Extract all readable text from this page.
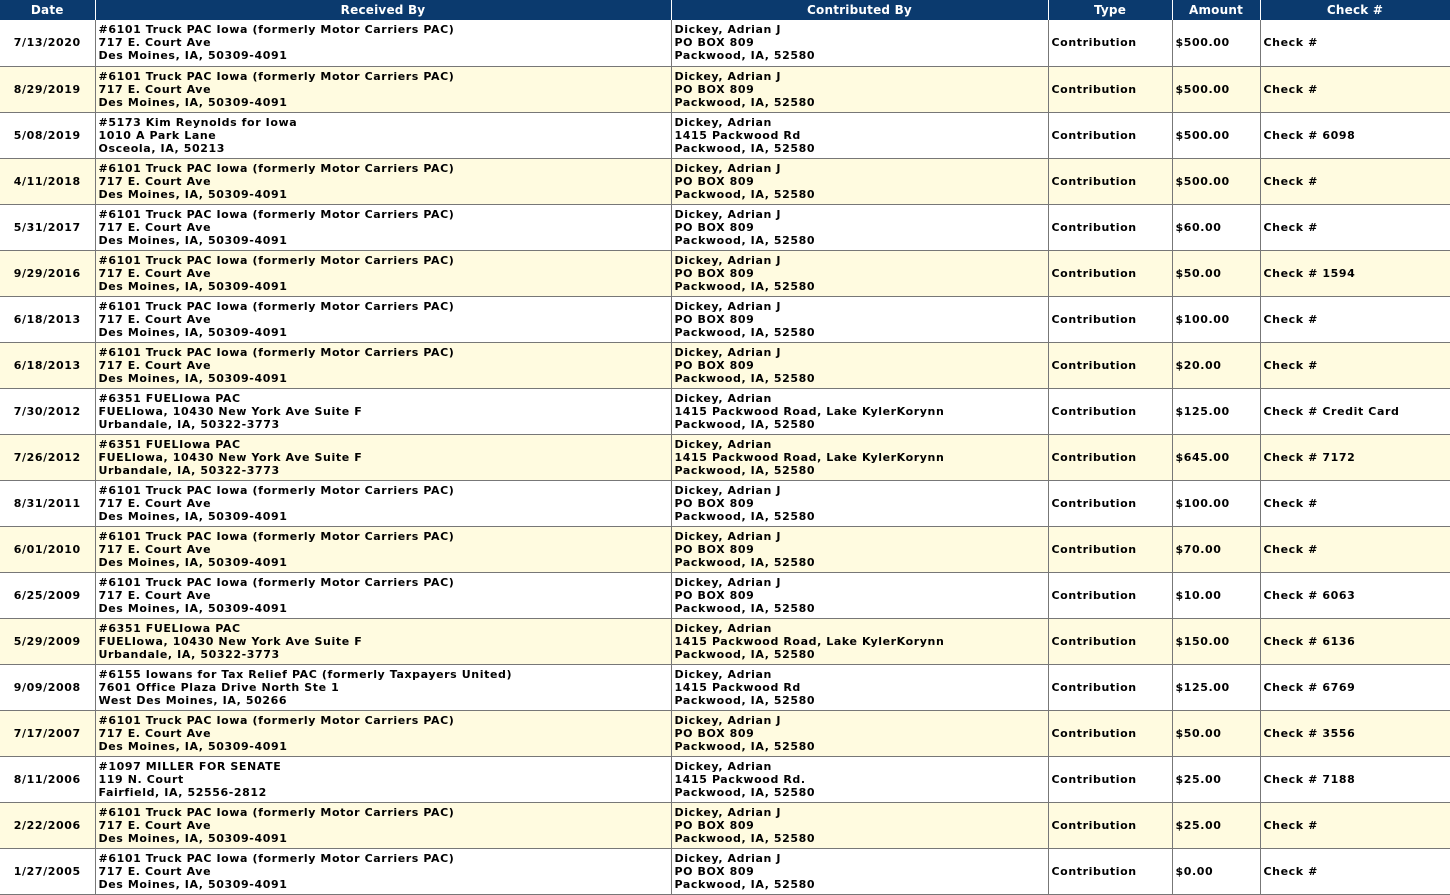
Date	Received By	Contributed By	Type	Amount	Check #
7/13/2020	#6101 Truck PAC Iowa (formerly Motor Carriers PAC)
717 E. Court Ave
Des Moines, IA, 50309-4091	Dickey, Adrian J
PO BOX 809
Packwood, IA, 52580	Contribution	$500.00	Check #
8/29/2019	#6101 Truck PAC Iowa (formerly Motor Carriers PAC)
717 E. Court Ave
Des Moines, IA, 50309-4091	Dickey, Adrian J
PO BOX 809
Packwood, IA, 52580	Contribution	$500.00	Check #
5/08/2019	#5173 Kim Reynolds for Iowa
1010 A Park Lane
Osceola, IA, 50213	Dickey, Adrian
1415 Packwood Rd
Packwood, IA, 52580	Contribution	$500.00	Check # 6098
4/11/2018	#6101 Truck PAC Iowa (formerly Motor Carriers PAC)
717 E. Court Ave
Des Moines, IA, 50309-4091	Dickey, Adrian J
PO BOX 809
Packwood, IA, 52580	Contribution	$500.00	Check #
5/31/2017	#6101 Truck PAC Iowa (formerly Motor Carriers PAC)
717 E. Court Ave
Des Moines, IA, 50309-4091	Dickey, Adrian J
PO BOX 809
Packwood, IA, 52580	Contribution	$60.00	Check #
9/29/2016	#6101 Truck PAC Iowa (formerly Motor Carriers PAC)
717 E. Court Ave
Des Moines, IA, 50309-4091	Dickey, Adrian J
PO BOX 809
Packwood, IA, 52580	Contribution	$50.00	Check # 1594
6/18/2013	#6101 Truck PAC Iowa (formerly Motor Carriers PAC)
717 E. Court Ave
Des Moines, IA, 50309-4091	Dickey, Adrian J
PO BOX 809
Packwood, IA, 52580	Contribution	$100.00	Check #
6/18/2013	#6101 Truck PAC Iowa (formerly Motor Carriers PAC)
717 E. Court Ave
Des Moines, IA, 50309-4091	Dickey, Adrian J
PO BOX 809
Packwood, IA, 52580	Contribution	$20.00	Check #
7/30/2012	#6351 FUELIowa PAC
FUELIowa, 10430 New York Ave Suite F
Urbandale, IA, 50322-3773	Dickey, Adrian
1415 Packwood Road, Lake KylerKorynn
Packwood, IA, 52580	Contribution	$125.00	Check # Credit Card
7/26/2012	#6351 FUELIowa PAC
FUELIowa, 10430 New York Ave Suite F
Urbandale, IA, 50322-3773	Dickey, Adrian
1415 Packwood Road, Lake KylerKorynn
Packwood, IA, 52580	Contribution	$645.00	Check # 7172
8/31/2011	#6101 Truck PAC Iowa (formerly Motor Carriers PAC)
717 E. Court Ave
Des Moines, IA, 50309-4091	Dickey, Adrian J
PO BOX 809
Packwood, IA, 52580	Contribution	$100.00	Check #
6/01/2010	#6101 Truck PAC Iowa (formerly Motor Carriers PAC)
717 E. Court Ave
Des Moines, IA, 50309-4091	Dickey, Adrian J
PO BOX 809
Packwood, IA, 52580	Contribution	$70.00	Check #
6/25/2009	#6101 Truck PAC Iowa (formerly Motor Carriers PAC)
717 E. Court Ave
Des Moines, IA, 50309-4091	Dickey, Adrian J
PO BOX 809
Packwood, IA, 52580	Contribution	$10.00	Check # 6063
5/29/2009	#6351 FUELIowa PAC
FUELIowa, 10430 New York Ave Suite F
Urbandale, IA, 50322-3773	Dickey, Adrian
1415 Packwood Road, Lake KylerKorynn
Packwood, IA, 52580	Contribution	$150.00	Check # 6136
9/09/2008	#6155 Iowans for Tax Relief PAC (formerly Taxpayers United)
7601 Office Plaza Drive North Ste 1
West Des Moines, IA, 50266	Dickey, Adrian
1415 Packwood Rd
Packwood, IA, 52580	Contribution	$125.00	Check # 6769
7/17/2007	#6101 Truck PAC Iowa (formerly Motor Carriers PAC)
717 E. Court Ave
Des Moines, IA, 50309-4091	Dickey, Adrian J
PO BOX 809
Packwood, IA, 52580	Contribution	$50.00	Check # 3556
8/11/2006	#1097 MILLER FOR SENATE
119 N. Court
Fairfield, IA, 52556-2812	Dickey, Adrian
1415 Packwood Rd.
Packwood, IA, 52580	Contribution	$25.00	Check # 7188
2/22/2006	#6101 Truck PAC Iowa (formerly Motor Carriers PAC)
717 E. Court Ave
Des Moines, IA, 50309-4091	Dickey, Adrian J
PO BOX 809
Packwood, IA, 52580	Contribution	$25.00	Check #
1/27/2005	#6101 Truck PAC Iowa (formerly Motor Carriers PAC)
717 E. Court Ave
Des Moines, IA, 50309-4091	Dickey, Adrian J
PO BOX 809
Packwood, IA, 52580	Contribution	$0.00	Check #
